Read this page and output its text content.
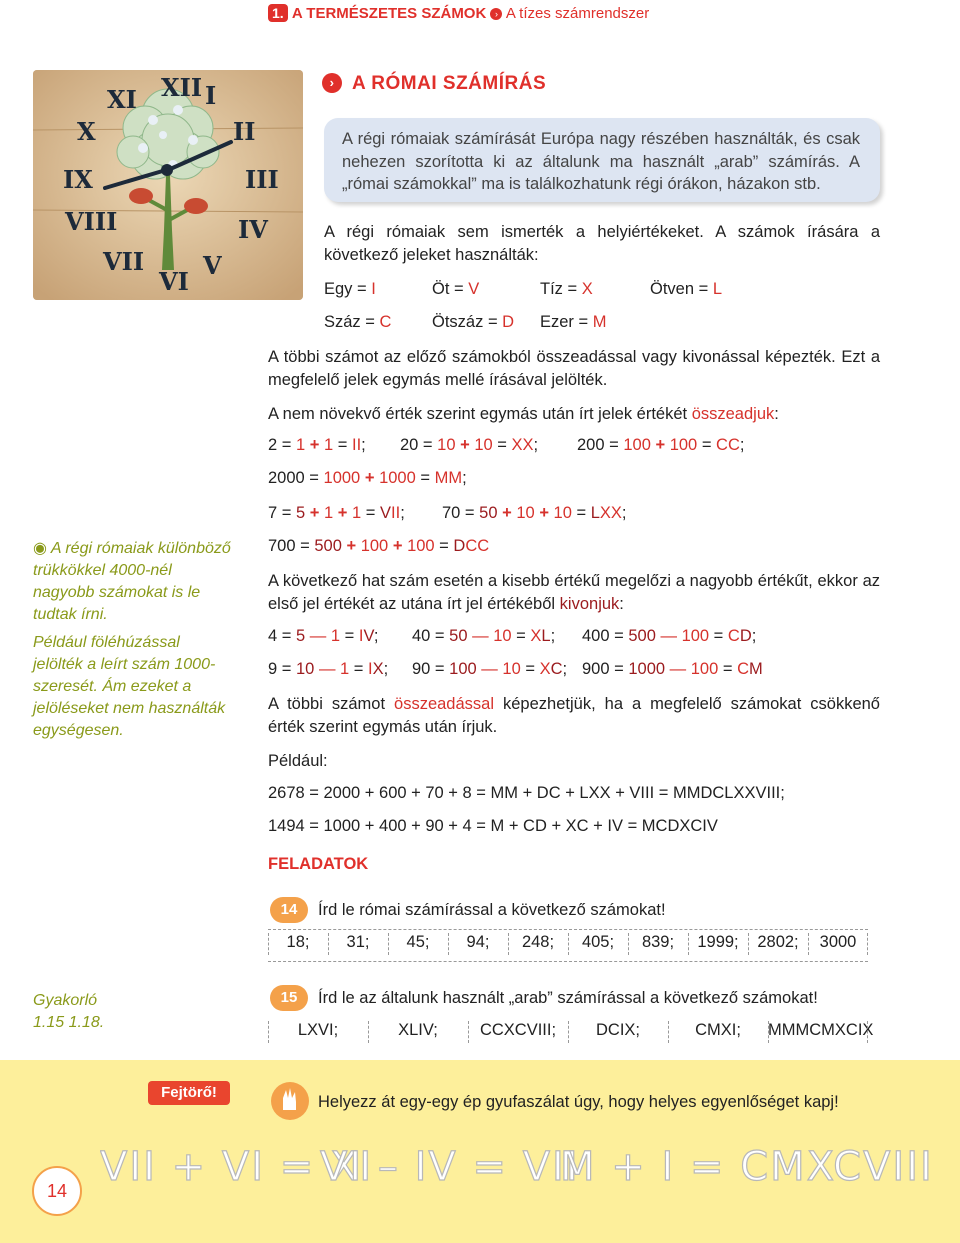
1. A TERMÉSZETES SZÁMOK › A tízes számrendszer
XII I
II
III
IV
V
VI
VII
VIII
IX
X
XI
› A RÓMAI SZÁMÍRÁS

A régi rómaiak számírását Európa nagy részében használták, és csak nehezen szorította ki az általunk ma használt „arab” számírás. A „római számokkal” ma is találkozhatunk régi órákon, házakon stb.

A régi rómaiak sem ismerték a helyiértékeket. A számok írására a következő jeleket használták:
Egy = I	Öt = V	Tíz = X	Ötven = L
Száz = C Ötszáz = D Ezer = M
A többi számot az előző számokból összeadással vagy kivonással képezték. Ezt a megfelelő jelek egymás mellé írásával jelölték.
A nem növekvő érték szerint egymás után írt jelek értékét összeadjuk:
2 = 1 + 1 = II; 20 = 10 + 10 = XX; 200 = 100 + 100 = CC;
2000 = 1000 + 1000 = MM;
7 = 5 + 1 + 1 = VII; 70 = 50 + 10 + 10 = LXX;
700 = 500 + 100 + 100 = DCC
A következő hat szám esetén a kisebb értékű megelőzi a nagyobb értékűt, ekkor az első jel értékét az utána írt jel értékéből kivonjuk:
4 = 5 — 1 = IV; 40 = 50 — 10 = XL; 400 = 500 — 100 = CD;
9 = 10 — 1 = IX; 90 = 100 — 10 = XC; 900 = 1000 — 100 = CM
A többi számot összeadással képezhetjük, ha a megfelelő számokat csökkenő érték szerint egymás után írjuk.
Például:
2678 = 2000 + 600 + 70 + 8 = MM + DC + LXX + VIII = MMDCLXXVIII;
1494 = 1000 + 400 + 90 + 4 = M + CD + XC + IV = MCDXCIV
◉ A régi rómaiak különböző trükkökkel 4000-nél nagyobb számokat is le tudtak írni.
Például föléhúzással jelölték a leírt szám 1000-szeresét. Ám ezeket a jelöléseket nem használták egységesen.
Gyakorló
1.15 1.18.
FELADATOK
14	Írd le római számírással a következő számokat!
18;	31;	45;	94;	248;	405;	839;	1999;	2802;	3000
15	Írd le az általunk használt „arab” számírással a következő számokat!
LXVI;	XLIV;	CCXCVIII;	DCIX;	CMXI;	MMMCMXCIX
Fejtörő!
Helyezz át egy-egy ép gyufaszálat úgy, hogy helyes egyenlőséget kapj!
VII + VI = XI
VI – IV = VII
M + I = CMXCVIII
14
